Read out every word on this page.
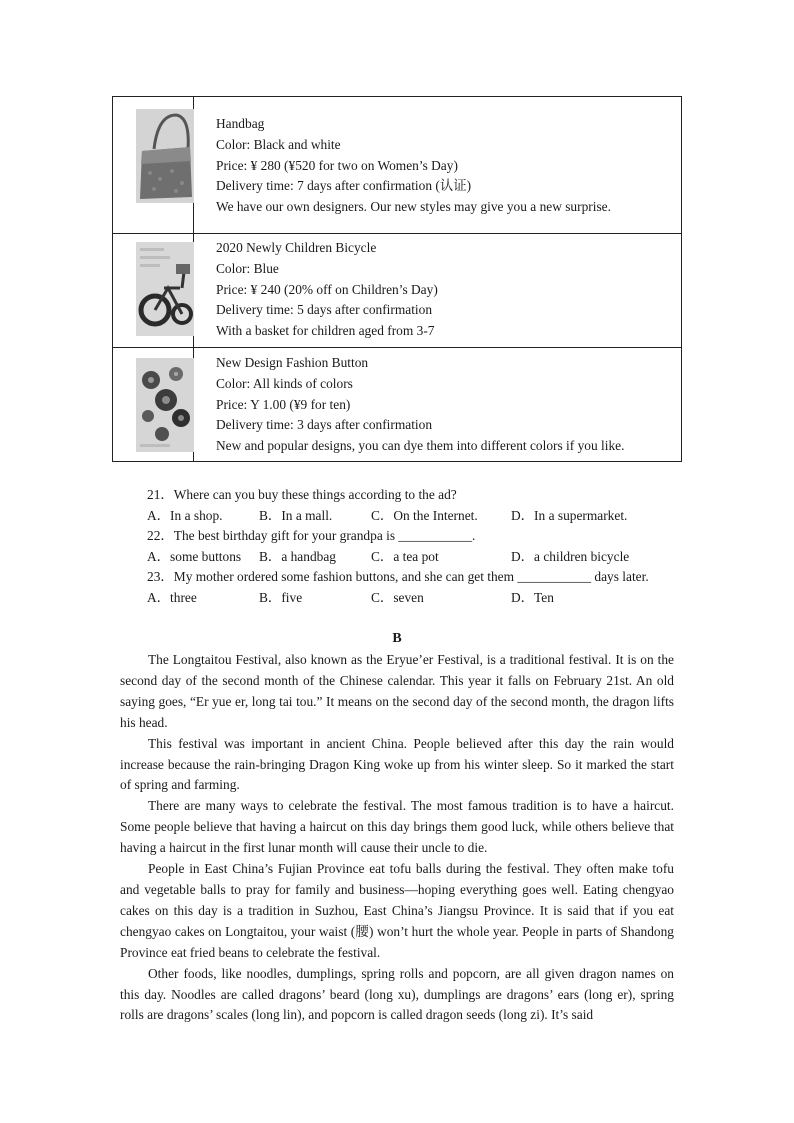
Handbag
Color: Black and white
Price: ¥ 280 (¥520 for two on Women’s Day)
Delivery time: 7 days after confirmation (认证)
We have our own designers. Our new styles may give you a new surprise.
2020 Newly Children Bicycle
Color: Blue
Price: ¥ 240 (20% off on Children’s Day)
Delivery time: 5 days after confirmation
With a basket for children aged from 3-7
New Design Fashion Button
Color: All kinds of colors
Price: Y 1.00 (¥9 for ten)
Delivery time: 3 days after confirmation
New and popular designs, you can dye them into different colors if you like.
21．Where can you buy these things according to the ad?
A．In a shop.	B．In a mall.	C．On the Internet. D．In a supermarket.
22．The best birthday gift for your grandpa is ___________.
A．some buttons B．a handbag	C．a tea pot	D．a children bicycle
23．My mother ordered some fashion buttons, and she can get them ___________ days later.
A．three	B．five	C．seven	D．Ten
B

The Longtaitou Festival, also known as the Eryue’er Festival, is a traditional festival. It is on the second day of the second month of the Chinese calendar. This year it falls on February 21st. An old saying goes, “Er yue er, long tai tou.” It means on the second day of the second month, the dragon lifts his head.

This festival was important in ancient China. People believed after this day the rain would increase because the rain-bringing Dragon King woke up from his winter sleep. So it marked the start of spring and farming.

There are many ways to celebrate the festival. The most famous tradition is to have a haircut. Some people believe that having a haircut on this day brings them good luck, while others believe that having a haircut in the first lunar month will cause their uncle to die.

People in East China’s Fujian Province eat tofu balls during the festival. They often make tofu and vegetable balls to pray for family and business—hoping everything goes well. Eating chengyao cakes on this day is a tradition in Suzhou, East China’s Jiangsu Province. It is said that if you eat chengyao cakes on Longtaitou, your waist (腰) won’t hurt the whole year. People in parts of Shandong Province eat fried beans to celebrate the festival.

Other foods, like noodles, dumplings, spring rolls and popcorn, are all given dragon names on this day. Noodles are called dragons’ beard (long xu), dumplings are dragons’ ears (long er), spring rolls are dragons’ scales (long lin), and popcorn is called dragon seeds (long zi). It’s said
